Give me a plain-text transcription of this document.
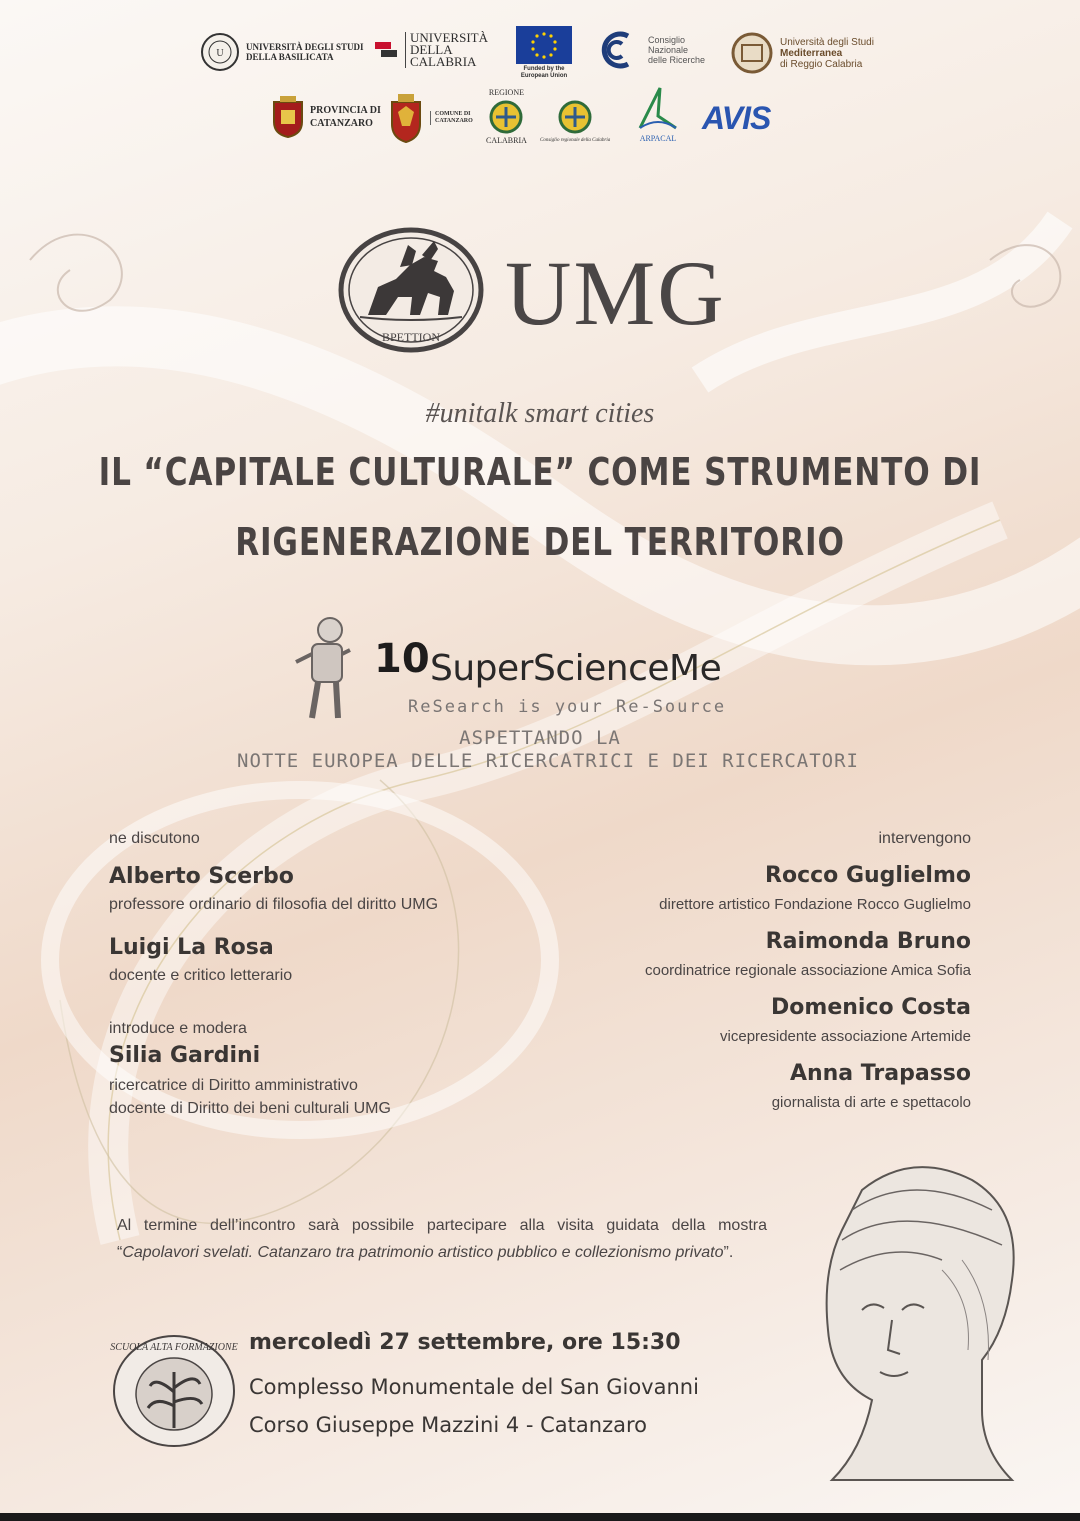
U
UNIVERSITÀ DEGLI STUDI
DELLA BASILICATA
UNIVERSITÀ
DELLA
CALABRIA	Funded by the European Union
Consiglio
Nazionale
delle Ricerche
Università degli Studi
Mediterranea
di Reggio Calabria
PROVINCIA DI
CATANZARO
COMUNE DI
CATANZARO
REGIONE
CALABRIA	Consiglio regionale della Calabria	ARPACAL
AVIS
BPETTION UMG
#unitalk smart cities
IL “CAPITALE CULTURALE” COME STRUMENTO DI
RIGENERAZIONE DEL TERRITORIO
10 SuperScienceMe
ReSearch is your Re-Source
ASPETTANDO LA
NOTTE EUROPEA DELLE RICERCATRICI E DEI RICERCATORI
ne discutono
Alberto Scerbo
professore ordinario di filosofia del diritto UMG
Luigi La Rosa
docente e critico letterario
introduce e modera
Silia Gardini
ricercatrice di Diritto amministrativo
docente di Diritto dei beni culturali UMG
intervengono
Rocco Guglielmo
direttore artistico Fondazione Rocco Guglielmo
Raimonda Bruno
coordinatrice regionale associazione Amica Sofia
Domenico Costa
vicepresidente associazione Artemide
Anna Trapasso
giornalista di arte e spettacolo
Al termine dell’incontro sarà possibile partecipare alla visita guidata della mostra “Capolavori svelati. Catanzaro tra patrimonio artistico pubblico e collezionismo privato”.
SCUOLA ALTA FORMAZIONE mercoledì 27 settembre, ore 15:30
Complesso Monumentale del San Giovanni
Corso Giuseppe Mazzini 4 - Catanzaro
